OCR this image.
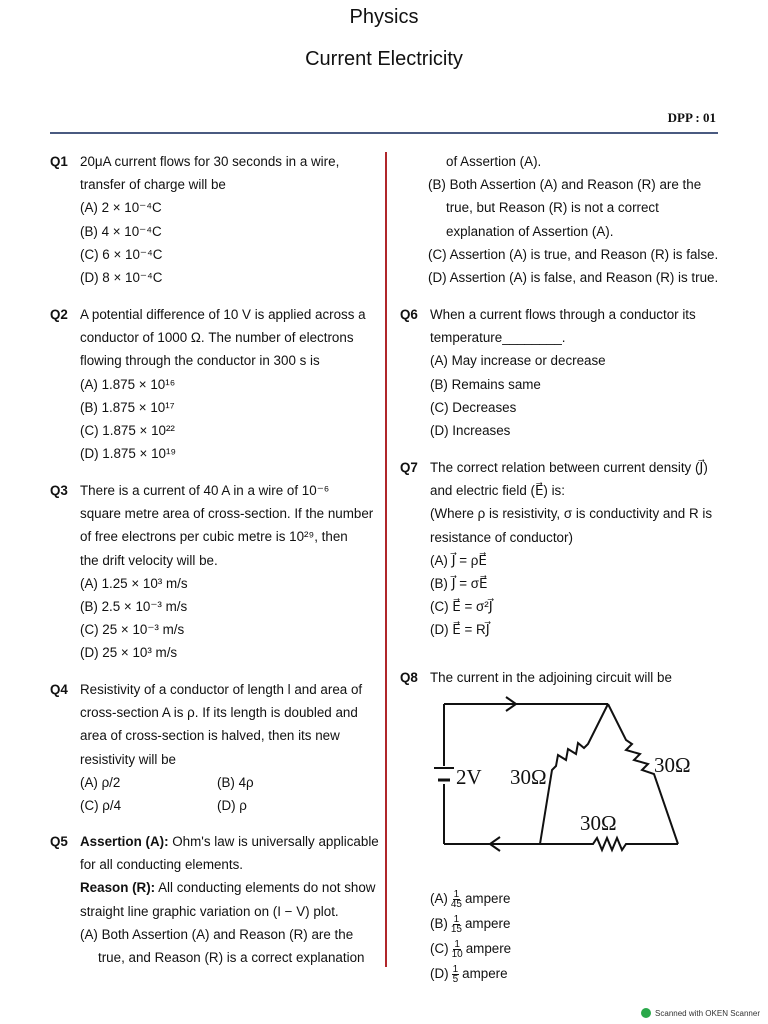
Physics
Current Electricity
DPP : 01
Q1 20μA current flows for 30 seconds in a wire,
transfer of charge will be
(A) 2 × 10⁻⁴C
(B) 4 × 10⁻⁴C
(C) 6 × 10⁻⁴C
(D) 8 × 10⁻⁴C
Q2 A potential difference of 10 V is applied across a
conductor of 1000 Ω. The number of electrons
flowing through the conductor in 300 s is
(A) 1.875 × 10¹⁶
(B) 1.875 × 10¹⁷
(C) 1.875 × 10²²
(D) 1.875 × 10¹⁹
Q3 There is a current of 40 A in a wire of 10⁻⁶
square metre area of cross-section. If the number
of free electrons per cubic metre is 10²⁹, then
the drift velocity will be.
(A) 1.25 × 10³ m/s
(B) 2.5 × 10⁻³ m/s
(C) 25 × 10⁻³ m/s
(D) 25 × 10³ m/s
Q4 Resistivity of a conductor of length l and area of
cross-section A is ρ. If its length is doubled and
area of cross-section is halved, then its new
resistivity will be
(A) ρ/2	(B) 4ρ
(C) ρ/4	(D) ρ
Q5 Assertion (A): Ohm's law is universally applicable
for all conducting elements.
Reason (R): All conducting elements do not show
straight line graphic variation on (I − V) plot.
(A) Both Assertion (A) and Reason (R) are the
true, and Reason (R) is a correct explanation
of Assertion (A).
(B) Both Assertion (A) and Reason (R) are the
true, but Reason (R) is not a correct
explanation of Assertion (A).
(C) Assertion (A) is true, and Reason (R) is false.
(D) Assertion (A) is false, and Reason (R) is true.
Q6 When a current flows through a conductor its
temperature________.
(A) May increase or decrease
(B) Remains same
(C) Decreases
(D) Increases
Q7 The correct relation between current density (J⃗)
and electric field (E⃗) is:
(Where ρ is resistivity, σ is conductivity and R is
resistance of conductor)
(A) J⃗ = ρE⃗
(B) J⃗ = σE⃗
(C) E⃗ = σ²J⃗
(D) E⃗ = RJ⃗
Q8 The current in the adjoining circuit will be
2V 30Ω	30Ω
30Ω
$(A) \frac{1}{45}$ ampere
$(B) \frac{1}{15}$ ampere
$(C) \frac{1}{10}$ ampere
$(D) \frac{1}{5}$ ampere
Scanned with OKEN Scanner
